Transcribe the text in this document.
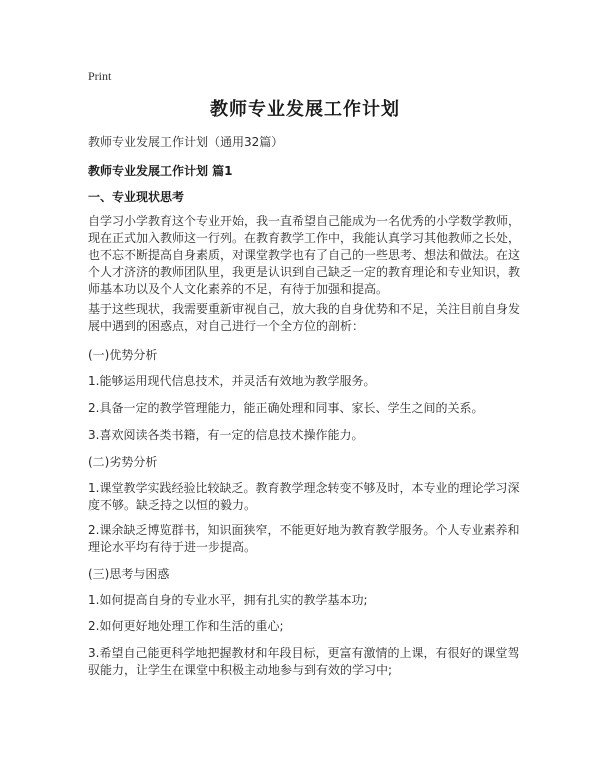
Print
教师专业发展工作计划
教师专业发展工作计划（通用32篇）
教师专业发展工作计划 篇1
一、专业现状思考
自学习小学教育这个专业开始，我一直希望自己能成为一名优秀的小学数学教师，现在正式加入教师这一行列。在教育教学工作中，我能认真学习其他教师之长处，也不忘不断提高自身素质，对课堂教学也有了自己的一些思考、想法和做法。在这个人才济济的教师团队里，我更是认识到自己缺乏一定的教育理论和专业知识，教师基本功以及个人文化素养的不足，有待于加强和提高。
基于这些现状，我需要重新审视自己，放大我的自身优势和不足，关注目前自身发展中遇到的困惑点，对自己进行一个全方位的剖析：
(一)优势分析
1.能够运用现代信息技术，并灵活有效地为教学服务。
2.具备一定的教学管理能力，能正确处理和同事、家长、学生之间的关系。
3.喜欢阅读各类书籍，有一定的信息技术操作能力。
(二)劣势分析
1.课堂教学实践经验比较缺乏。教育教学理念转变不够及时，本专业的理论学习深度不够。缺乏持之以恒的毅力。
2.课余缺乏博览群书，知识面狭窄，不能更好地为教育教学服务。个人专业素养和理论水平均有待于进一步提高。
(三)思考与困惑
1.如何提高自身的专业水平，拥有扎实的教学基本功;
2.如何更好地处理工作和生活的重心;
3.希望自己能更科学地把握教材和年段目标，更富有激情的上课，有很好的课堂驾驭能力，让学生在课堂中积极主动地参与到有效的学习中;
